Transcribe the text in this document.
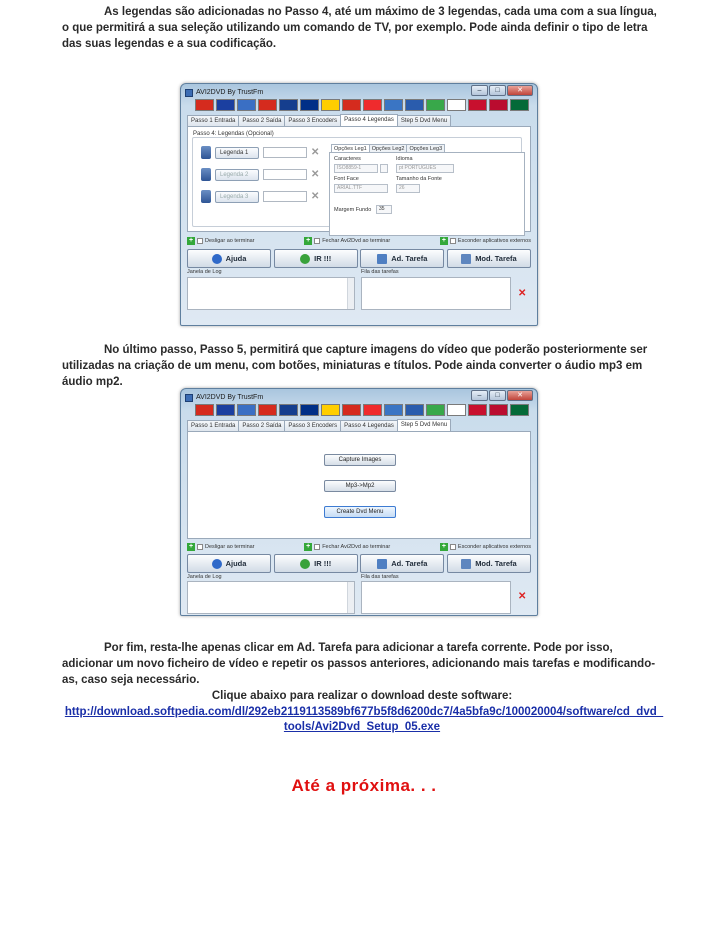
As legendas são adicionadas no Passo 4, até um máximo de 3 legendas, cada uma com a sua língua, o que permitirá a sua seleção utilizando um comando de TV, por exemplo. Pode ainda definir o tipo de letra das suas legendas e a sua codificação.
AVI2DVD By TrustFm	–	□	✕
Passo 1 Entrada	Passo 2 Saída	Passo 3 Encoders	Passo 4 Legendas	Step 5 Dvd Menu
Passo 4: Legendas (Opcional)
Legenda 1	✕
Legenda 2	✕
Legenda 3	✕
Opções Leg1 Opções Leg2 Opções Leg3
Caracteres
ISO8859-1
Idioma
pt PORTUGUES
Font Face
ARIAL.TTF
Tamanho da Fonte
26
Margem Fundo	35
+	Desligar ao terminar	+	Fechar Avi2Dvd ao terminar	+	Esconder aplicativos externos
Ajuda	IR !!!	Ad. Tarefa	Mod. Tarefa
Janela de Log	Fila das tarefas
✕
No último passo, Passo 5, permitirá que capture imagens do vídeo que poderão posteriormente ser utilizadas na criação de um menu, com botões, miniaturas e títulos. Pode ainda converter o áudio mp3 em áudio mp2.
AVI2DVD By TrustFm	–	□	✕
Passo 1 Entrada	Passo 2 Saída	Passo 3 Encoders	Passo 4 Legendas	Step 5 Dvd Menu
Capture Images
Mp3->Mp2
Create Dvd Menu
+	Desligar ao terminar	+	Fechar Avi2Dvd ao terminar	+	Esconder aplicativos externos
Ajuda	IR !!!	Ad. Tarefa	Mod. Tarefa
Janela de Log	Fila das tarefas
✕
Por fim, resta-lhe apenas clicar em Ad. Tarefa para adicionar a tarefa corrente. Pode por isso, adicionar um novo ficheiro de vídeo e repetir os passos anteriores, adicionando mais tarefas e modificando-as, caso seja necessário.
Clique abaixo para realizar o download deste software:
http://download.softpedia.com/dl/292eb2119113589bf677b5f8d6200dc7/4a5bfa9c/100020004/software/cd_dvd_
tools/Avi2Dvd_Setup_05.exe
Até a próxima. . .
